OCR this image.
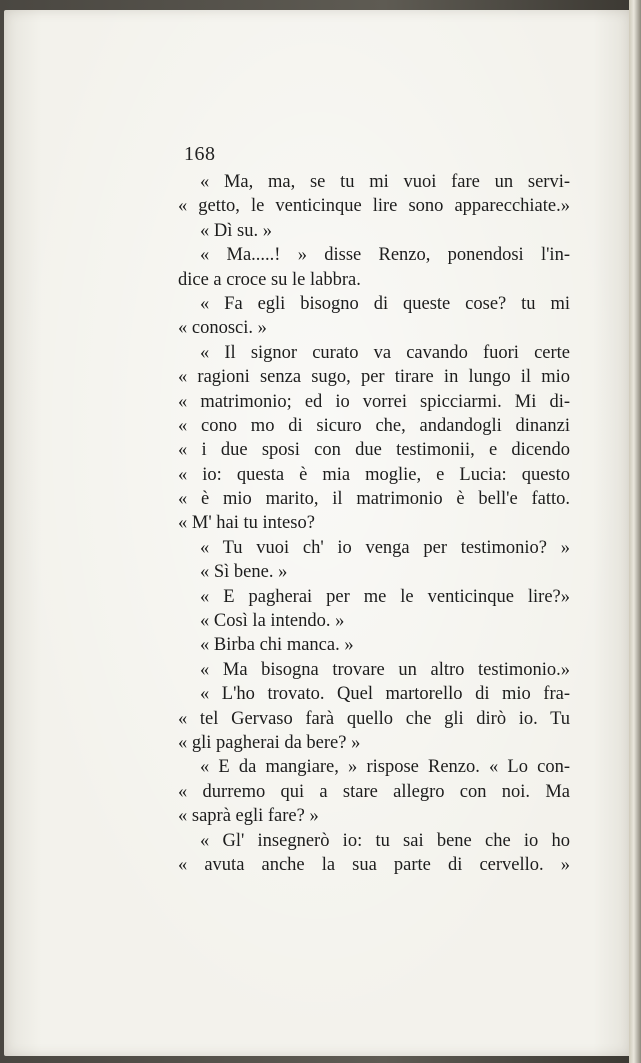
168
« Ma, ma, se tu mi vuoi fare un servi-
« getto, le venticinque lire sono apparecchiate.»
« Dì su. »
« Ma.....! » disse Renzo, ponendosi l'in-
dice a croce su le labbra.
« Fa egli bisogno di queste cose? tu mi
« conosci. »
« Il signor curato va cavando fuori certe
« ragioni senza sugo, per tirare in lungo il mio
« matrimonio; ed io vorrei spicciarmi. Mi di-
« cono mo di sicuro che, andandogli dinanzi
« i due sposi con due testimonii, e dicendo
« io: questa è mia moglie, e Lucia: questo
« è mio marito, il matrimonio è bell'e fatto.
« M' hai tu inteso?
« Tu vuoi ch' io venga per testimonio? »
« Sì bene. »
« E pagherai per me le venticinque lire?»
« Così la intendo. »
« Birba chi manca. »
« Ma bisogna trovare un altro testimonio.»
« L'ho trovato. Quel martorello di mio fra-
« tel Gervaso farà quello che gli dirò io. Tu
« gli pagherai da bere? »
« E da mangiare, » rispose Renzo. « Lo con-
« durremo qui a stare allegro con noi. Ma
« saprà egli fare? »
« Gl' insegnerò io: tu sai bene che io ho
« avuta anche la sua parte di cervello. »
